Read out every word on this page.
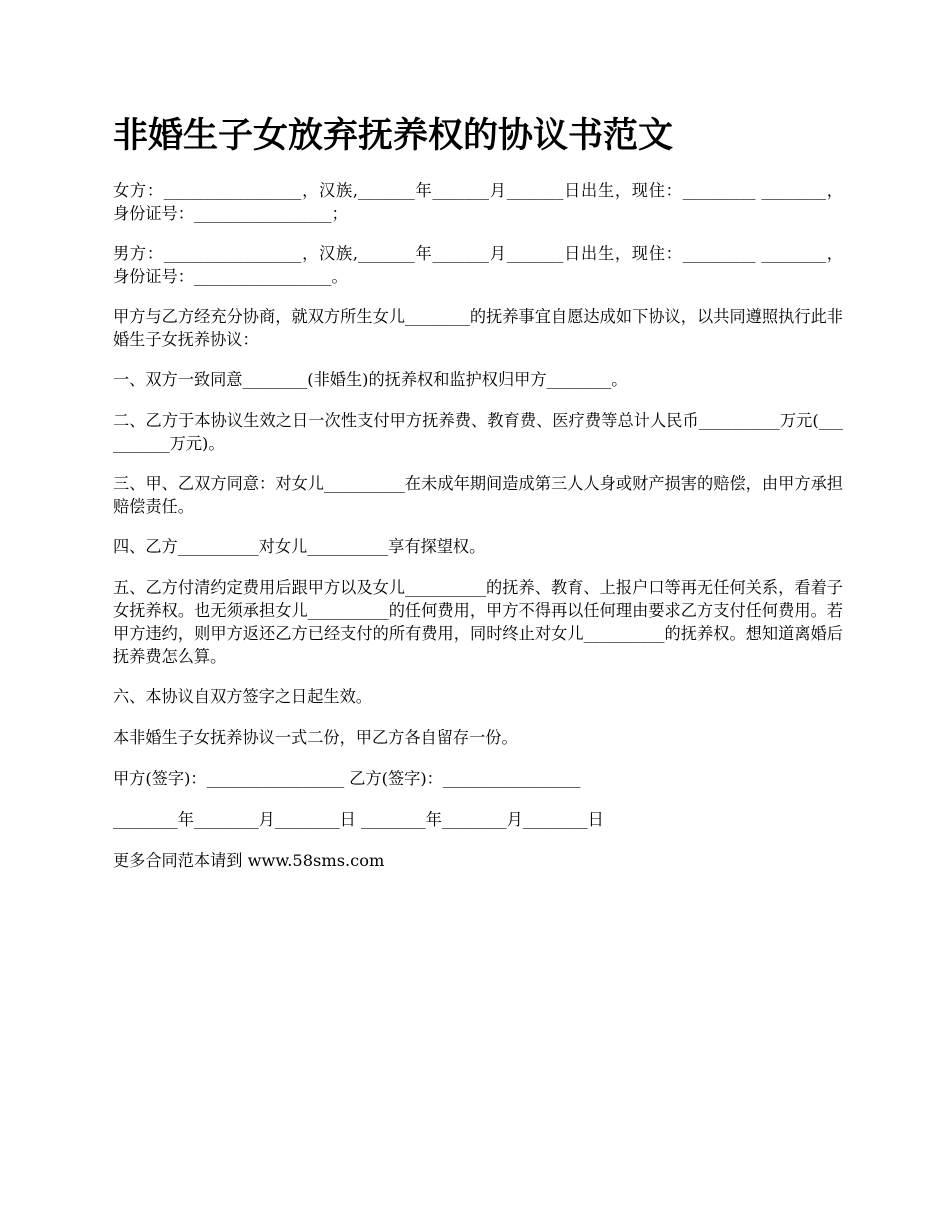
非婚生子女放弃抚养权的协议书范文

女方：_________________，汉族,_______年_______月_______日出生，现住：_________ ________，身份证号：_________________；

男方：_________________，汉族,_______年_______月_______日出生，现住：_________ ________，身份证号：_________________。

甲方与乙方经充分协商，就双方所生女儿________的抚养事宜自愿达成如下协议，以共同遵照执行此非婚生子女抚养协议：

一、双方一致同意________(非婚生)的抚养权和监护权归甲方________。

二、乙方于本协议生效之日一次性支付甲方抚养费、教育费、医疗费等总计人民币__________万元(__________万元)。

三、甲、乙双方同意：对女儿__________在未成年期间造成第三人人身或财产损害的赔偿，由甲方承担赔偿责任。

四、乙方__________对女儿__________享有探望权。

五、乙方付清约定费用后跟甲方以及女儿__________的抚养、教育、上报户口等再无任何关系，看着子女抚养权。也无须承担女儿__________的任何费用，甲方不得再以任何理由要求乙方支付任何费用。若甲方违约，则甲方返还乙方已经支付的所有费用，同时终止对女儿__________的抚养权。想知道离婚后抚养费怎么算。

六、本协议自双方签字之日起生效。

本非婚生子女抚养协议一式二份，甲乙方各自留存一份。

甲方(签字)：_________________ 乙方(签字)：_________________

________年________月________日 ________年________月________日

更多合同范本请到 www.58sms.com
